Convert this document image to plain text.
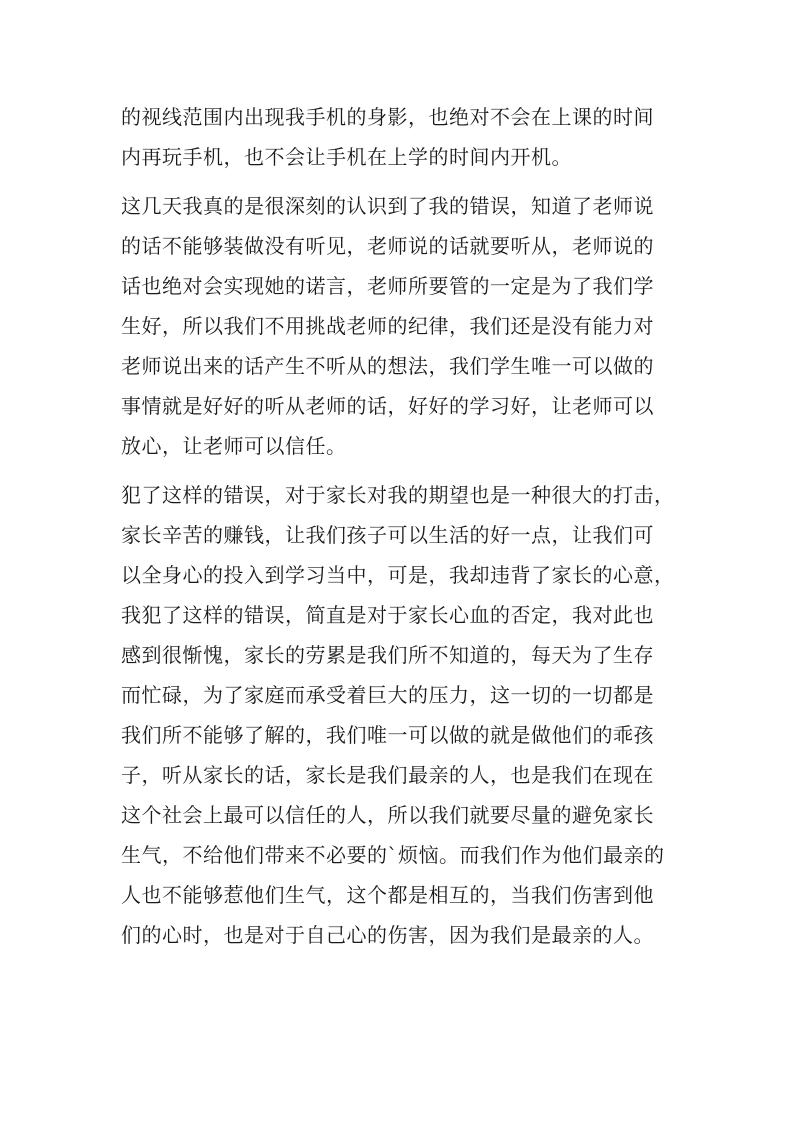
的视线范围内出现我手机的身影，也绝对不会在上课的时间
内再玩手机，也不会让手机在上学的时间内开机。

这几天我真的是很深刻的认识到了我的错误，知道了老师说
的话不能够装做没有听见，老师说的话就要听从，老师说的
话也绝对会实现她的诺言，老师所要管的一定是为了我们学
生好，所以我们不用挑战老师的纪律，我们还是没有能力对
老师说出来的话产生不听从的想法，我们学生唯一可以做的
事情就是好好的听从老师的话，好好的学习好，让老师可以
放心，让老师可以信任。

犯了这样的错误，对于家长对我的期望也是一种很大的打击，
家长辛苦的赚钱，让我们孩子可以生活的好一点，让我们可
以全身心的投入到学习当中，可是，我却违背了家长的心意，
我犯了这样的错误，简直是对于家长心血的否定，我对此也
感到很惭愧，家长的劳累是我们所不知道的，每天为了生存
而忙碌，为了家庭而承受着巨大的压力，这一切的一切都是
我们所不能够了解的，我们唯一可以做的就是做他们的乖孩
子，听从家长的话，家长是我们最亲的人，也是我们在现在
这个社会上最可以信任的人，所以我们就要尽量的避免家长
生气，不给他们带来不必要的`烦恼。而我们作为他们最亲的
人也不能够惹他们生气，这个都是相互的，当我们伤害到他
们的心时，也是对于自己心的伤害，因为我们是最亲的人。
